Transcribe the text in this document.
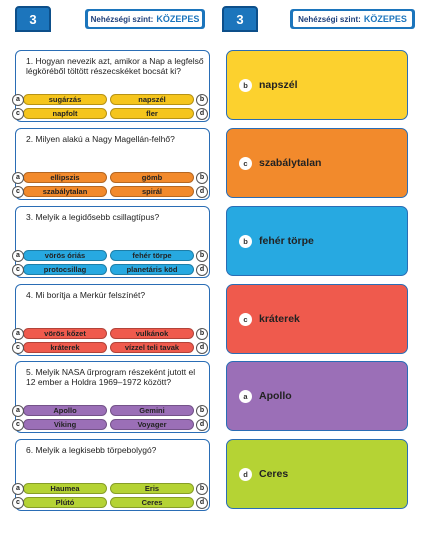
3	Nehézségi szint: KÖZEPES	3	Nehézségi szint: KÖZEPES
1. Hogyan nevezik azt, amikor a Nap a legfelső légköréből töltött részecskéket bocsát ki?
2. Milyen alakú a Nagy Magellán-felhő?
3. Melyik a legidősebb csillagtípus?
4. Mi borítja a Merkúr felszínét?
5. Melyik NASA űrprogram részeként jutott el 12 ember a Holdra 1969–1972 között?
6. Melyik a legkisebb törpebolygó?
b	napszél
c	szabálytalan
b	fehér törpe
c	kráterek
a	Apollo
d	Ceres
sugárzás
a	napszél	b
napfolt
c	fler	d
ellipszis
a	gömb	b
szabálytalan
c	spirál	d
vörös óriás
a	fehér törpe	b
protocsillag
c	planetáris köd	d
vörös kőzet
a	vulkánok	b
kráterek
c	vízzel teli tavak	d
Apollo
a	Gemini	b
Viking
c	Voyager	d
Haumea
a	Eris	b
Plútó
c	Ceres	d
